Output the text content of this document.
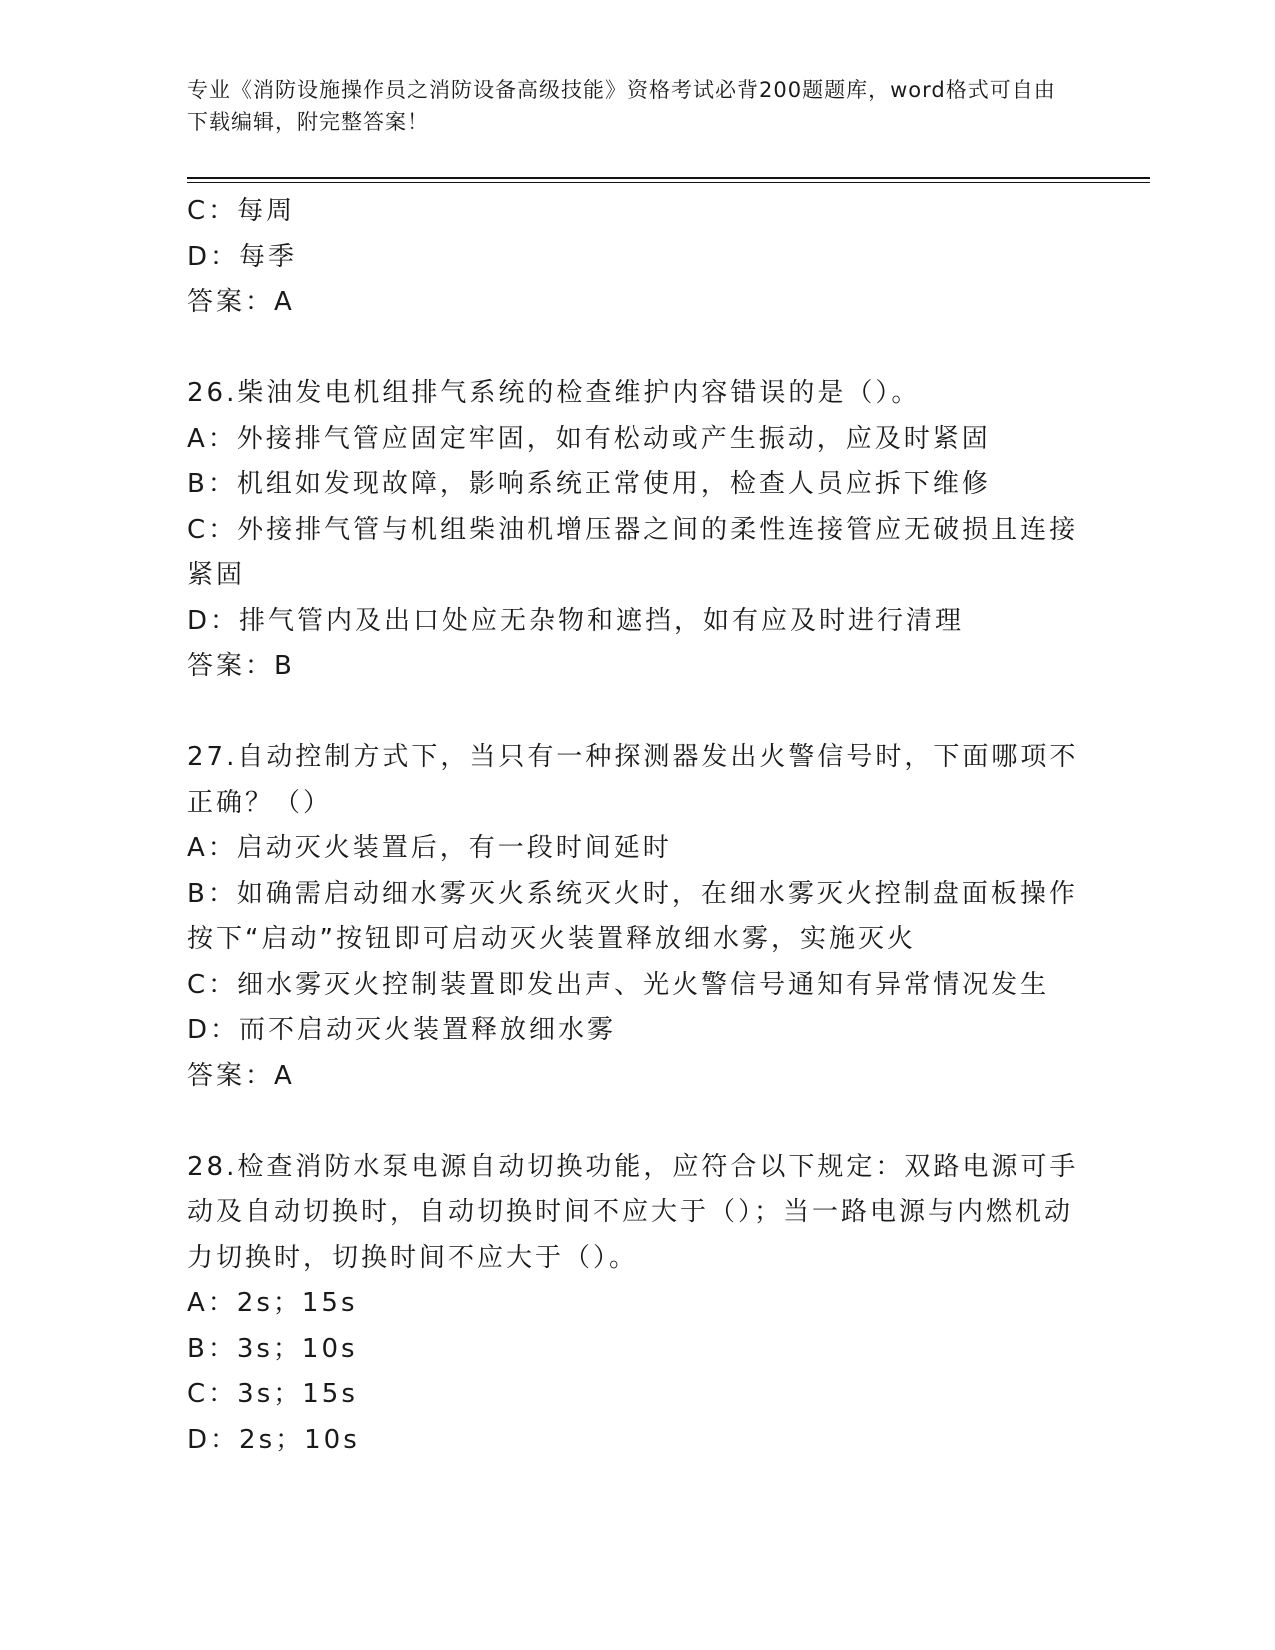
专业《消防设施操作员之消防设备高级技能》资格考试必背200题题库，word格式可自由下载编辑，附完整答案！
C：每周
D：每季
答案：A
26.柴油发电机组排气系统的检查维护内容错误的是（）。
A：外接排气管应固定牢固，如有松动或产生振动，应及时紧固
B：机组如发现故障，影响系统正常使用，检查人员应拆下维修
C：外接排气管与机组柴油机增压器之间的柔性连接管应无破损且连接紧固
D：排气管内及出口处应无杂物和遮挡，如有应及时进行清理
答案：B
27.自动控制方式下，当只有一种探测器发出火警信号时，下面哪项不正确？（）
A：启动灭火装置后，有一段时间延时
B：如确需启动细水雾灭火系统灭火时，在细水雾灭火控制盘面板操作按下“启动”按钮即可启动灭火装置释放细水雾，实施灭火
C：细水雾灭火控制装置即发出声、光火警信号通知有异常情况发生
D：而不启动灭火装置释放细水雾
答案：A
28.检查消防水泵电源自动切换功能，应符合以下规定：双路电源可手动及自动切换时，自动切换时间不应大于（）；当一路电源与内燃机动力切换时，切换时间不应大于（）。
A：2s；15s
B：3s；10s
C：3s；15s
D：2s；10s
